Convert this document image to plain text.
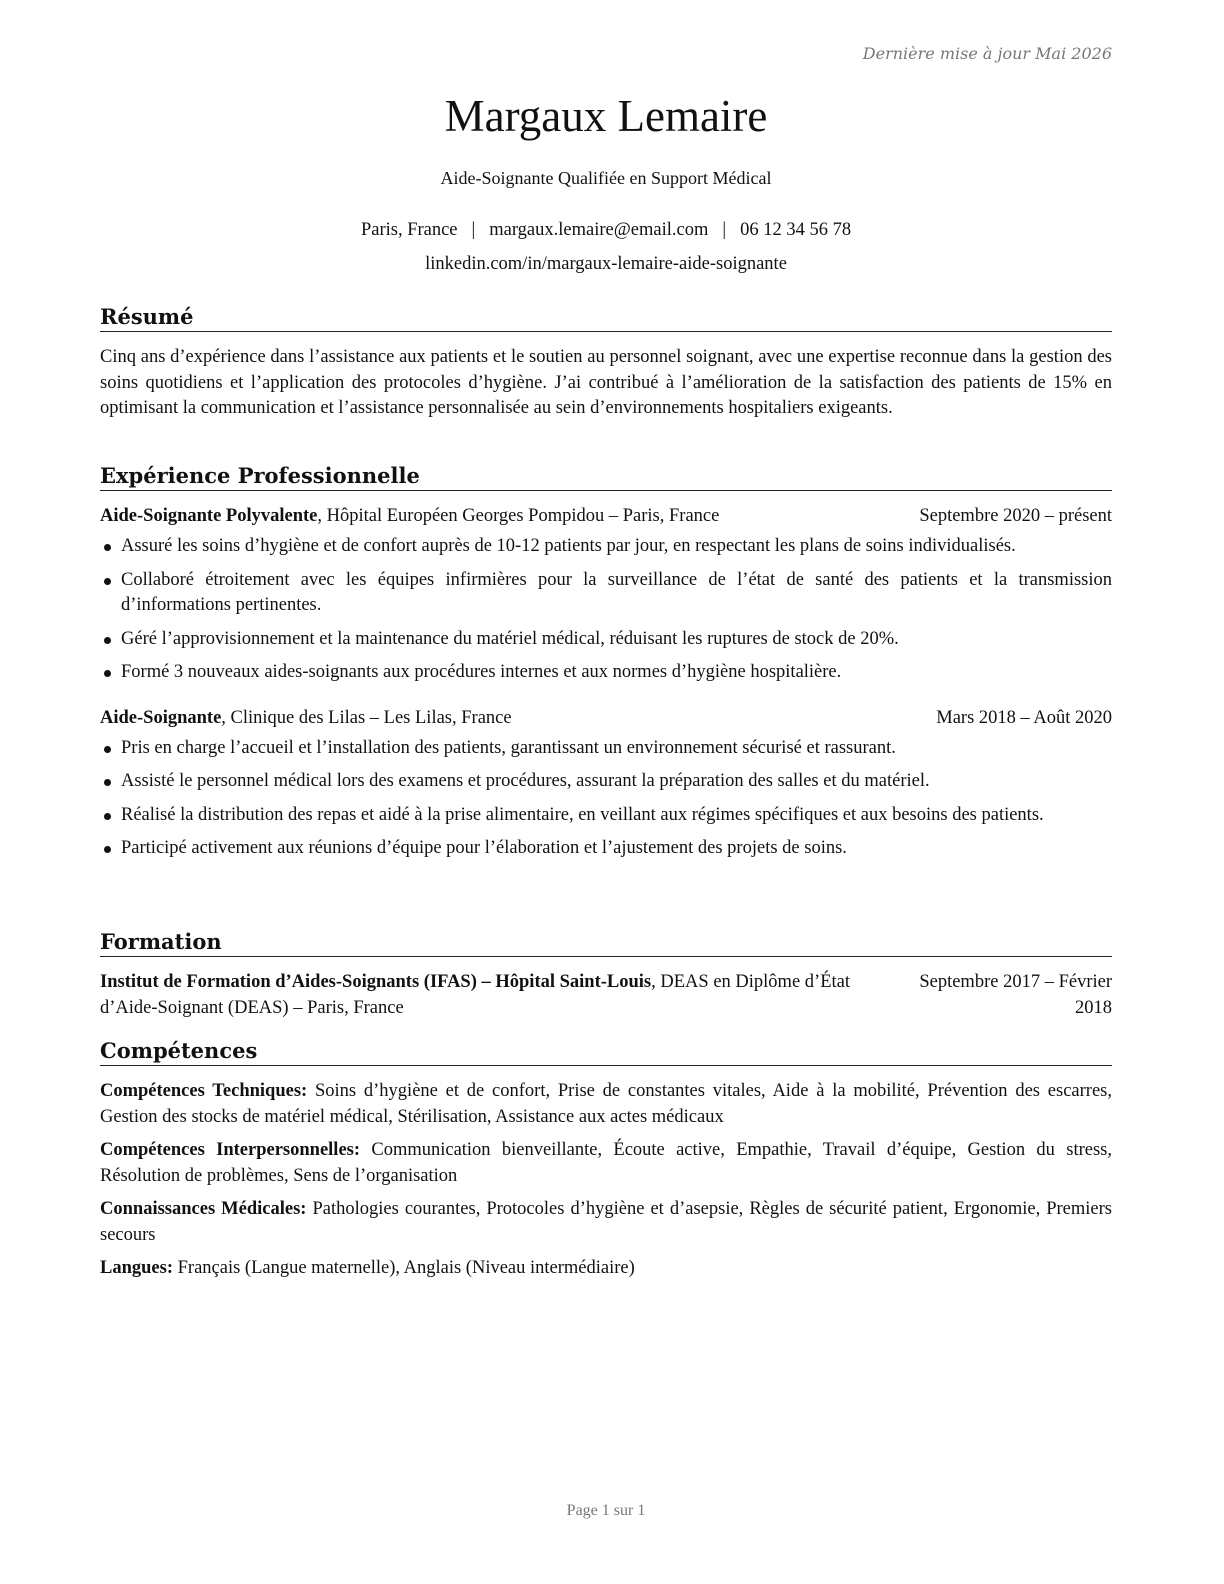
Dernière mise à jour Mai 2026
Margaux Lemaire
Aide-Soignante Qualifiée en Support Médical
Paris, France | margaux.lemaire@email.com | 06 12 34 56 78
linkedin.com/in/margaux-lemaire-aide-soignante
Résumé
Cinq ans d’expérience dans l’assistance aux patients et le soutien au personnel soignant, avec une expertise reconnue dans la gestion des soins quotidiens et l’application des protocoles d’hygiène. J’ai contribué à l’amélioration de la satisfaction des patients de 15% en optimisant la communication et l’assistance personnalisée au sein d’environnements hospitaliers exigeants.
Expérience Professionnelle
Aide-Soignante Polyvalente, Hôpital Européen Georges Pompidou – Paris, France	Septembre 2020 – présent
Assuré les soins d’hygiène et de confort auprès de 10-12 patients par jour, en respectant les plans de soins individualisés.
Collaboré étroitement avec les équipes infirmières pour la surveillance de l’état de santé des patients et la transmission d’informations pertinentes.
Géré l’approvisionnement et la maintenance du matériel médical, réduisant les ruptures de stock de 20%.
Formé 3 nouveaux aides-soignants aux procédures internes et aux normes d’hygiène hospitalière.
Aide-Soignante, Clinique des Lilas – Les Lilas, France	Mars 2018 – Août 2020
Pris en charge l’accueil et l’installation des patients, garantissant un environnement sécurisé et rassurant.
Assisté le personnel médical lors des examens et procédures, assurant la préparation des salles et du matériel.
Réalisé la distribution des repas et aidé à la prise alimentaire, en veillant aux régimes spécifiques et aux besoins des patients.
Participé activement aux réunions d’équipe pour l’élaboration et l’ajustement des projets de soins.
Formation
Institut de Formation d’Aides-Soignants (IFAS) – Hôpital Saint-Louis, DEAS en Diplôme d’État d’Aide-Soignant (DEAS) – Paris, France
Septembre 2017 – Février 2018
Compétences
Compétences Techniques: Soins d’hygiène et de confort, Prise de constantes vitales, Aide à la mobilité, Prévention des escarres, Gestion des stocks de matériel médical, Stérilisation, Assistance aux actes médicaux
Compétences Interpersonnelles: Communication bienveillante, Écoute active, Empathie, Travail d’équipe, Gestion du stress, Résolution de problèmes, Sens de l’organisation
Connaissances Médicales: Pathologies courantes, Protocoles d’hygiène et d’asepsie, Règles de sécurité patient, Ergonomie, Premiers secours
Langues: Français (Langue maternelle), Anglais (Niveau intermédiaire)
Page 1 sur 1
